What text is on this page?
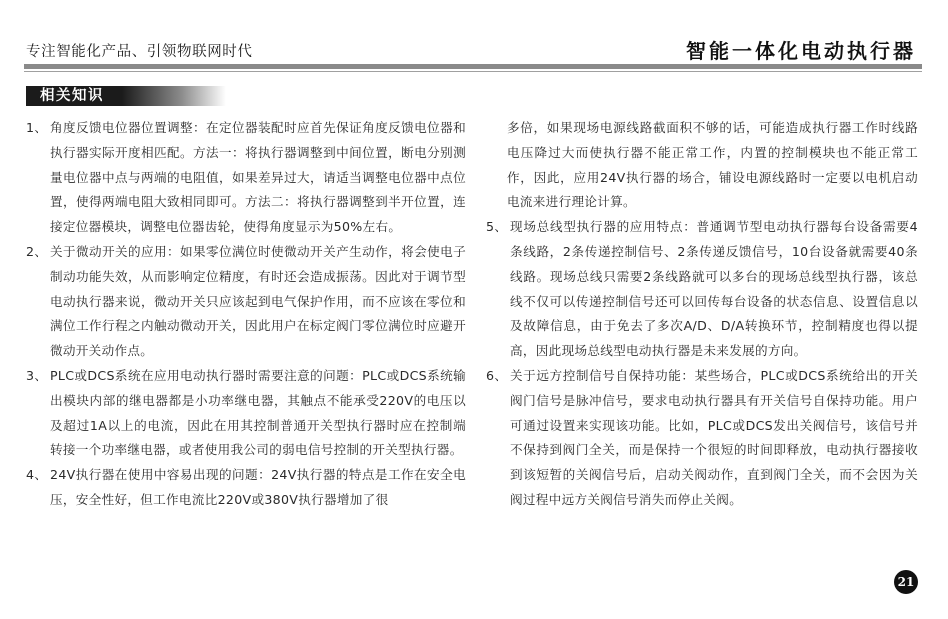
专注智能化产品、引领物联网时代	智能一体化电动执行器
相关知识
1、 角度反馈电位器位置调整：在定位器装配时应首先保证角度反馈电位器和执行器实际开度相匹配。方法一：将执行器调整到中间位置，断电分别测量电位器中点与两端的电阻值，如果差异过大，请适当调整电位器中点位置，使得两端电阻大致相同即可。方法二：将执行器调整到半开位置，连接定位器模块，调整电位器齿轮，使得角度显示为50%左右。
2、 关于微动开关的应用：如果零位满位时使微动开关产生动作，将会使电子制动功能失效，从而影响定位精度，有时还会造成振荡。因此对于调节型电动执行器来说，微动开关只应该起到电气保护作用，而不应该在零位和满位工作行程之内触动微动开关，因此用户在标定阀门零位满位时应避开微动开关动作点。
3、 PLC或DCS系统在应用电动执行器时需要注意的问题：PLC或DCS系统输出模块内部的继电器都是小功率继电器，其触点不能承受220V的电压以及超过1A以上的电流，因此在用其控制普通开关型执行器时应在控制端转接一个功率继电器，或者使用我公司的弱电信号控制的开关型执行器。
4、 24V执行器在使用中容易出现的问题：24V执行器的特点是工作在安全电压，安全性好，但工作电流比220V或380V执行器增加了很
多倍，如果现场电源线路截面积不够的话，可能造成执行器工作时线路电压降过大而使执行器不能正常工作，内置的控制模块也不能正常工作，因此，应用24V执行器的场合，铺设电源线路时一定要以电机启动电流来进行理论计算。
5、 现场总线型执行器的应用特点：普通调节型电动执行器每台设备需要4条线路，2条传递控制信号、2条传递反馈信号，10台设备就需要40条线路。现场总线只需要2条线路就可以多台的现场总线型执行器，该总线不仅可以传递控制信号还可以回传每台设备的状态信息、设置信息以及故障信息，由于免去了多次A/D、D/A转换环节，控制精度也得以提高，因此现场总线型电动执行器是未来发展的方向。
6、 关于远方控制信号自保持功能：某些场合，PLC或DCS系统给出的开关阀门信号是脉冲信号，要求电动执行器具有开关信号自保持功能。用户可通过设置来实现该功能。比如，PLC或DCS发出关阀信号，该信号并不保持到阀门全关，而是保持一个很短的时间即释放，电动执行器接收到该短暂的关阀信号后，启动关阀动作，直到阀门全关，而不会因为关阀过程中远方关阀信号消失而停止关阀。
21
